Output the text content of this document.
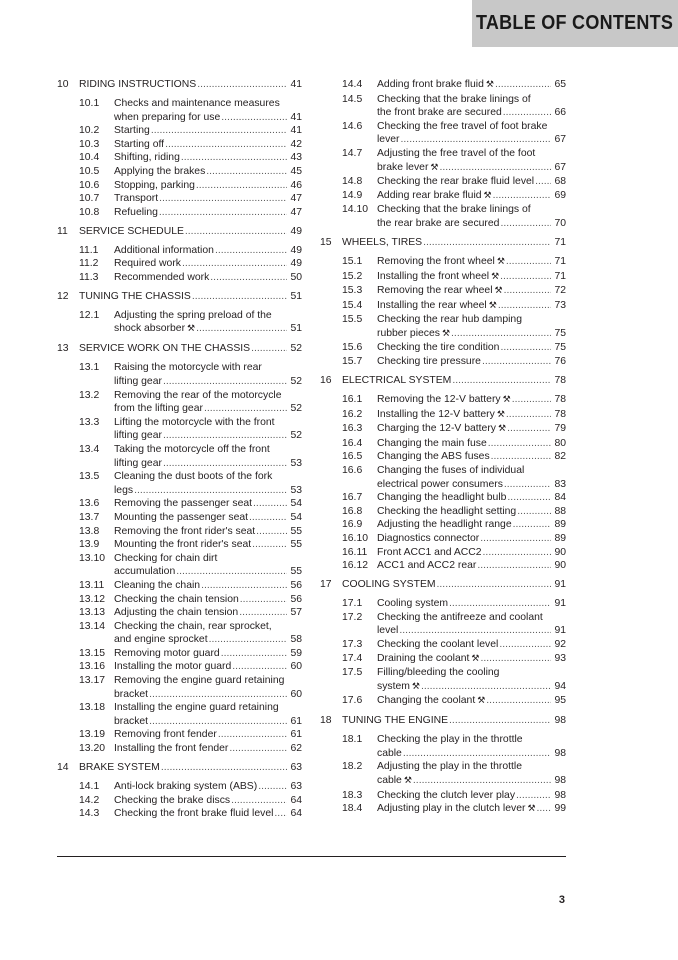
TABLE OF CONTENTS
10 RIDING INSTRUCTIONS .....	41
10.1 Checks and maintenance measures
when preparing for use .....	41
10.2 Starting .....	41
10.3 Starting off .....	42
10.4 Shifting, riding .....	43
10.5 Applying the brakes .....	45
10.6 Stopping, parking .....	46
10.7 Transport .....	47
10.8 Refueling .....	47
11 SERVICE SCHEDULE .....	49
11.1 Additional information .....	49
11.2 Required work .....	49
11.3 Recommended work .....	50
12 TUNING THE CHASSIS .....	51
12.1 Adjusting the spring preload of the
shock absorber ⚒ .....	51
13 SERVICE WORK ON THE CHASSIS .....	52
13.1 Raising the motorcycle with rear
lifting gear .....	52
13.2 Removing the rear of the motorcycle
from the lifting gear .....	52
13.3 Lifting the motorcycle with the front
lifting gear .....	52
13.4 Taking the motorcycle off the front
lifting gear .....	53
13.5 Cleaning the dust boots of the fork
legs .....	53
13.6 Removing the passenger seat .....	54
13.7 Mounting the passenger seat .....	54
13.8 Removing the front rider's seat .....	55
13.9 Mounting the front rider's seat .....	55
13.10 Checking for chain dirt
accumulation .....	55
13.11 Cleaning the chain .....	56
13.12 Checking the chain tension .....	56
13.13 Adjusting the chain tension .....	57
13.14 Checking the chain, rear sprocket,
and engine sprocket .....	58
13.15 Removing motor guard .....	59
13.16 Installing the motor guard .....	60
13.17 Removing the engine guard retaining
bracket .....	60
13.18 Installing the engine guard retaining
bracket .....	61
13.19 Removing front fender .....	61
13.20 Installing the front fender .....	62
14 BRAKE SYSTEM .....	63
14.1 Anti-lock braking system (ABS) .....	63
14.2 Checking the brake discs .....	64
14.3 Checking the front brake fluid level ..... 64
14.4 Adding front brake fluid ⚒ .....	65
14.5 Checking that the brake linings of
the front brake are secured .....	66
14.6 Checking the free travel of foot brake
lever .....	67
14.7 Adjusting the free travel of the foot
brake lever ⚒ .....	67
14.8 Checking the rear brake fluid level ..... 68
14.9 Adding rear brake fluid ⚒ .....	69
14.10 Checking that the brake linings of
the rear brake are secured .....	70
15 WHEELS, TIRES .....	71
15.1 Removing the front wheel ⚒ .....	71
15.2 Installing the front wheel ⚒ .....	71
15.3 Removing the rear wheel ⚒ .....	72
15.4 Installing the rear wheel ⚒ .....	73
15.5 Checking the rear hub damping
rubber pieces ⚒ .....	75
15.6 Checking the tire condition .....	75
15.7 Checking tire pressure .....	76
16 ELECTRICAL SYSTEM .....	78
16.1 Removing the 12-V battery ⚒ .....	78
16.2 Installing the 12-V battery ⚒ .....	78
16.3 Charging the 12-V battery ⚒ .....	79
16.4 Changing the main fuse .....	80
16.5 Changing the ABS fuses .....	82
16.6 Changing the fuses of individual
electrical power consumers .....	83
16.7 Changing the headlight bulb .....	84
16.8 Checking the headlight setting .....	88
16.9 Adjusting the headlight range .....	89
16.10 Diagnostics connector .....	89
16.11 Front ACC1 and ACC2 .....	90
16.12 ACC1 and ACC2 rear .....	90
17 COOLING SYSTEM .....	91
17.1 Cooling system .....	91
17.2 Checking the antifreeze and coolant
level .....	91
17.3 Checking the coolant level .....	92
17.4 Draining the coolant ⚒ .....	93
17.5 Filling/bleeding the cooling
system ⚒ .....	94
17.6 Changing the coolant ⚒ .....	95
18 TUNING THE ENGINE .....	98
18.1 Checking the play in the throttle
cable .....	98
18.2 Adjusting the play in the throttle
cable ⚒ .....	98
18.3 Checking the clutch lever play .....	98
18.4 Adjusting play in the clutch lever ⚒ ..... 99
3
